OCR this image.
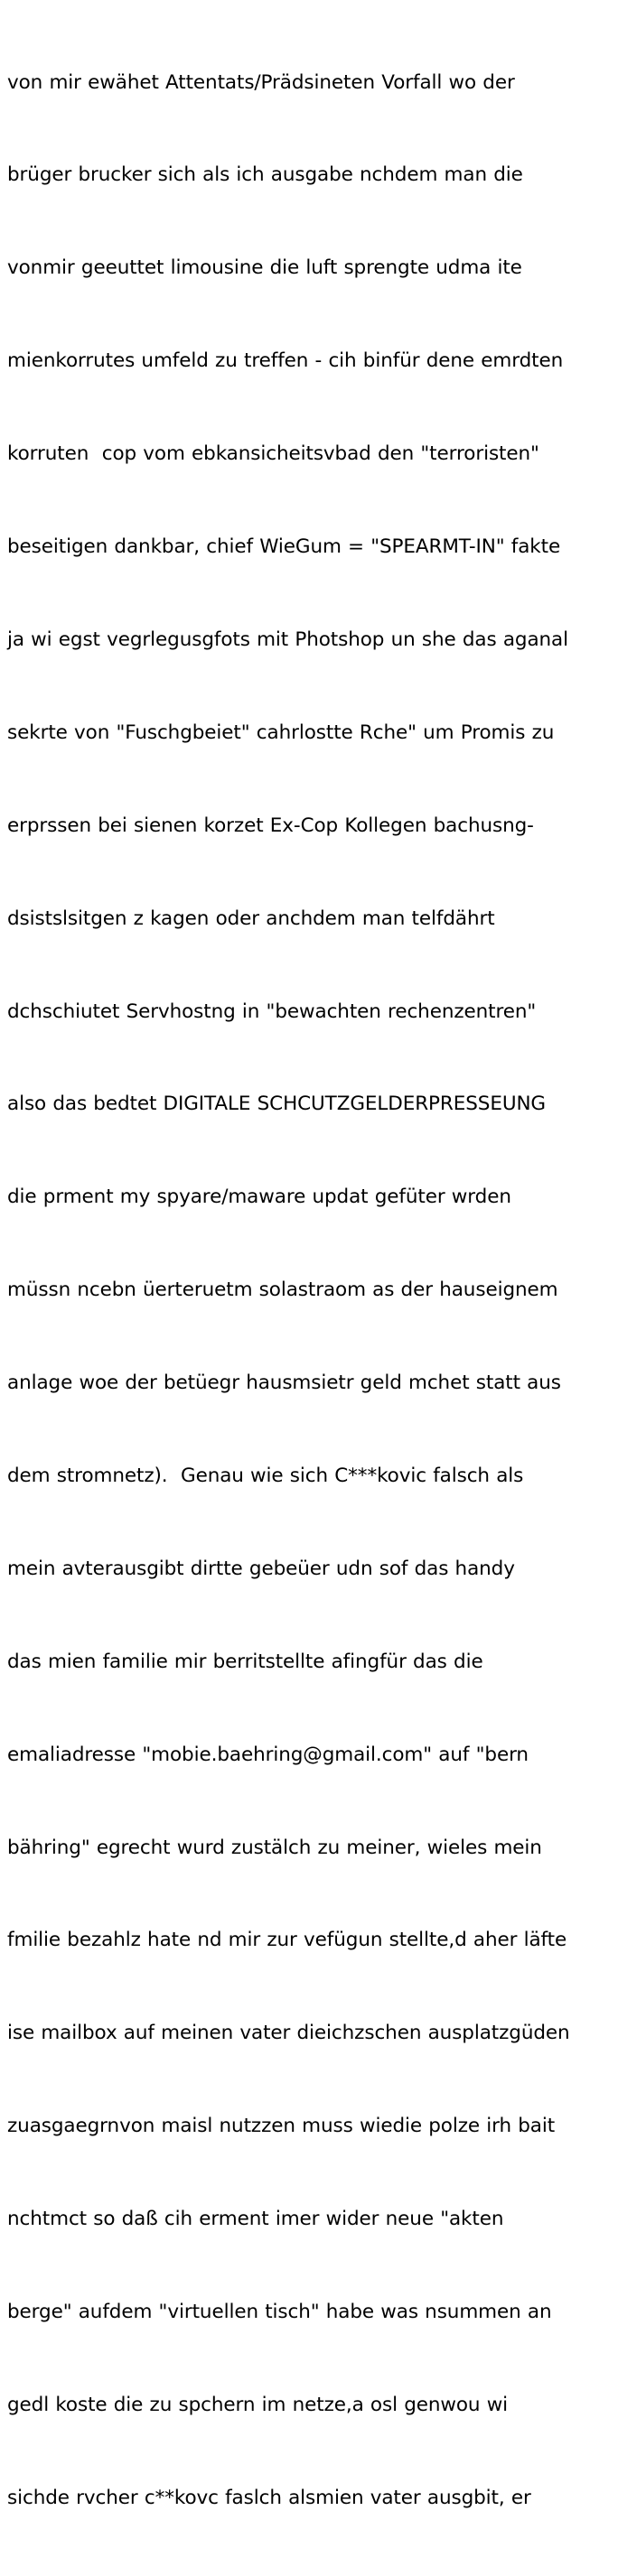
von mir ewähet Attentats/Prädsineten Vorfall wo der

brüger brucker sich als ich ausgabe nchdem man die

vonmir geeuttet limousine die luft sprengte udma ite

mienkorrutes umfeld zu treffen - cih binfür dene emrdten

korruten  cop vom ebkansicheitsvbad den "terroristen"

beseitigen dankbar, chief WieGum = "SPEARMT-IN" fakte

ja wi egst vegrlegusgfots mit Photshop un she das aganal

sekrte von "Fuschgbeiet" cahrlostte Rche" um Promis zu

erprssen bei sienen korzet Ex-Cop Kollegen bachusng-

dsistslsitgen z kagen oder anchdem man telfdährt

dchschiutet Servhostng in "bewachten rechenzentren"

also das bedtet DIGITALE SCHCUTZGELDERPRESSEUNG

die prment my spyare/maware updat gefüter wrden

müssn ncebn üerteruetm solastraom as der hauseignem

anlage woe der betüegr hausmsietr geld mchet statt aus

dem stromnetz).  Genau wie sich C***kovic falsch als

mein avterausgibt dirtte gebeüer udn sof das handy

das mien familie mir berritstellte afingfür das die

emaliadresse "mobie.baehring@gmail.com" auf "bern

bähring" egrecht wurd zustälch zu meiner, wieles mein

fmilie bezahlz hate nd mir zur vefügun stellte,d aher läfte

ise mailbox auf meinen vater dieichzschen ausplatzgüden

zuasgaegrnvon maisl nutzzen muss wiedie polze irh bait

nchtmct so daß cih erment imer wider neue "akten

berge" aufdem "virtuellen tisch" habe was nsummen an

gedl koste die zu spchern im netze,a osl genwou wi

sichde rvcher c**kovc faslch alsmien vater ausgbit, er
